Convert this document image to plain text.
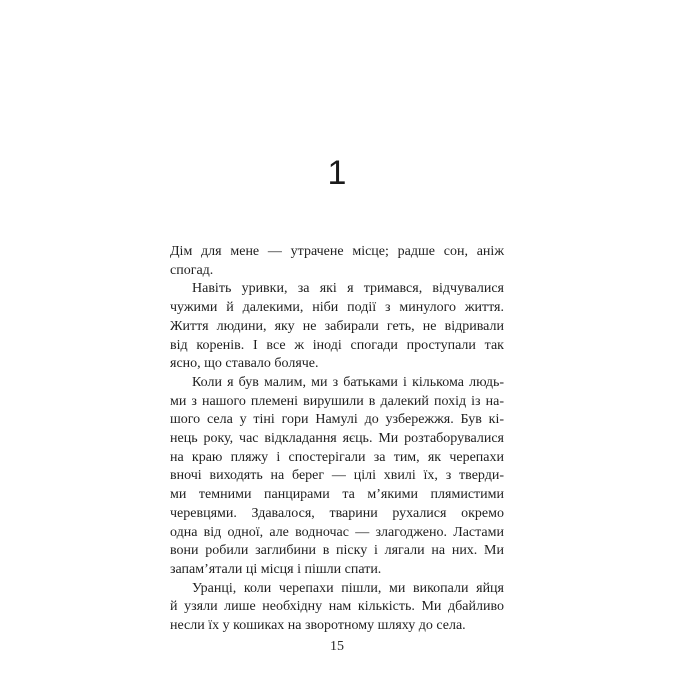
1

Дім для мене — утрачене місце; радше сон, аніж

спогад.

Навіть уривки, за які я тримався, відчувалися

чужими й далекими, ніби події з минулого життя.

Життя людини, яку не забирали геть, не відривали

від коренів. І все ж іноді спогади проступали так

ясно, що ставало боляче.

Коли я був малим, ми з батьками і кількома людь-

ми з нашого племені вирушили в далекий похід із на-

шого села у тіні гори Намулі до узбережжя. Був кі-

нець року, час відкладання яєць. Ми розтаборувалися

на краю пляжу і спостерігали за тим, як черепахи

вночі виходять на берег — цілі хвилі їх, з тверди-

ми темними панцирами та м’якими плямистими

черевцями. Здавалося, тварини рухалися окремо

одна від одної, але водночас — злагоджено. Ластами

вони робили заглибини в піску і лягали на них. Ми

запам’ятали ці місця і пішли спати.

Уранці, коли черепахи пішли, ми викопали яйця

й узяли лише необхідну нам кількість. Ми дбайливо

несли їх у кошиках на зворотному шляху до села.

15
